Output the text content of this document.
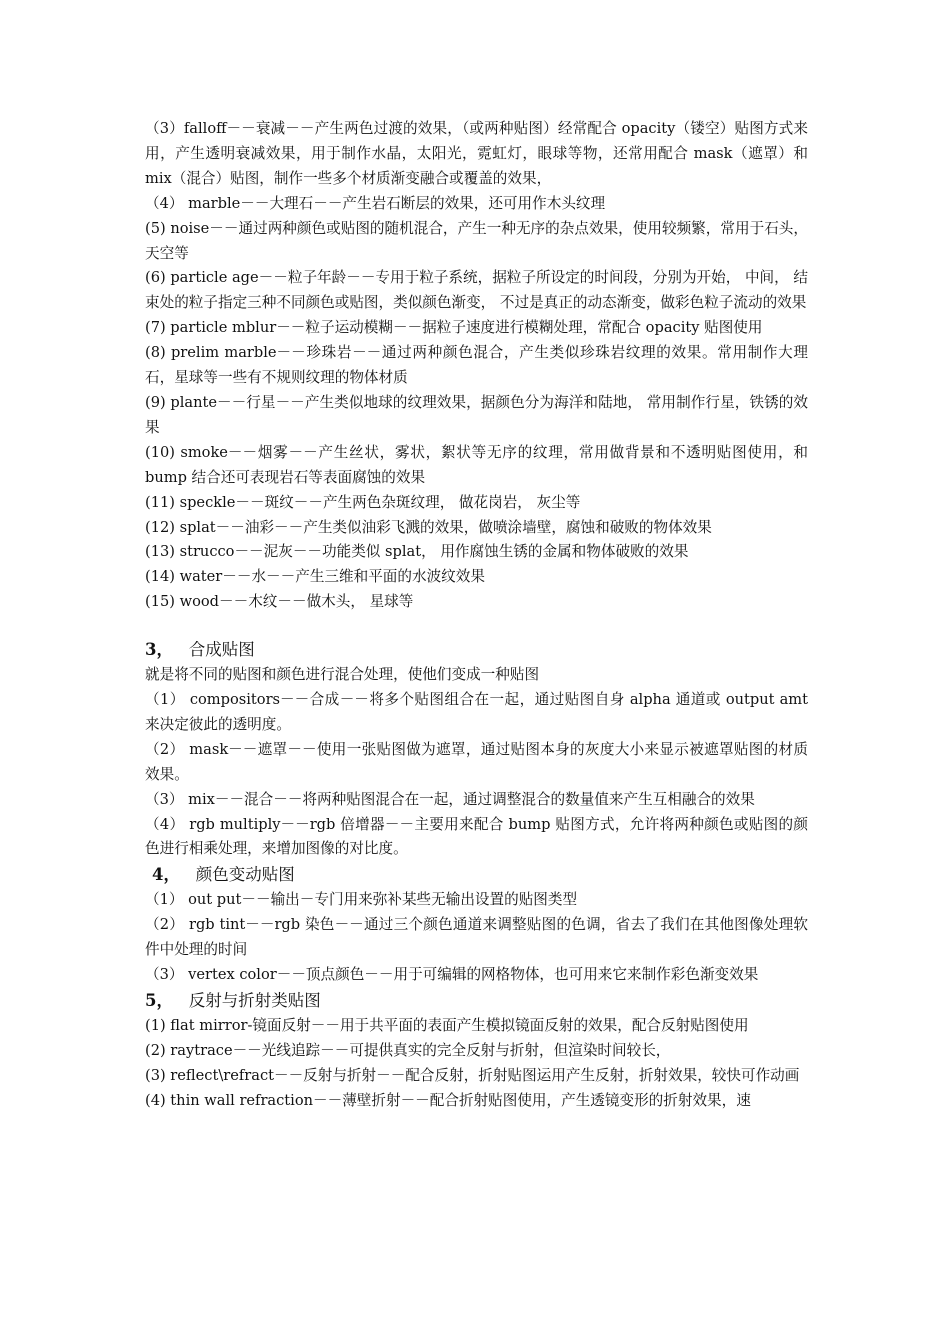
（3）falloff－－衰减－－产生两色过渡的效果，（或两种贴图）经常配合 opacity（镂空）贴图方式来用，产生透明衰减效果，用于制作水晶，太阳光，霓虹灯，眼球等物，还常用配合 mask（遮罩）和 mix（混合）贴图，制作一些多个材质渐变融合或覆盖的效果，

（4） marble－－大理石－－产生岩石断层的效果，还可用作木头纹理

(5) noise－－通过两种颜色或贴图的随机混合，产生一种无序的杂点效果，使用较频繁，常用于石头，天空等

(6) particle age－－粒子年龄－－专用于粒子系统，据粒子所设定的时间段，分别为开始， 中间， 结束处的粒子指定三种不同颜色或贴图，类似颜色渐变， 不过是真正的动态渐变，做彩色粒子流动的效果

(7) particle mblur－－粒子运动模糊－－据粒子速度进行模糊处理，常配合 opacity 贴图使用

(8) prelim marble－－珍珠岩－－通过两种颜色混合，产生类似珍珠岩纹理的效果。常用制作大理石，星球等一些有不规则纹理的物体材质

(9) plante－－行星－－产生类似地球的纹理效果，据颜色分为海洋和陆地， 常用制作行星，铁锈的效果

(10) smoke－－烟雾－－产生丝状，雾状，絮状等无序的纹理，常用做背景和不透明贴图使用，和 bump 结合还可表现岩石等表面腐蚀的效果

(11) speckle－－斑纹－－产生两色杂斑纹理， 做花岗岩， 灰尘等

(12) splat－－油彩－－产生类似油彩飞溅的效果，做喷涂墙壁，腐蚀和破败的物体效果

(13) strucco－－泥灰－－功能类似 splat， 用作腐蚀生锈的金属和物体破败的效果

(14) water－－水－－产生三维和平面的水波纹效果

(15) wood－－木纹－－做木头， 星球等

3， 合成贴图

就是将不同的贴图和颜色进行混合处理，使他们变成一种贴图

（1） compositors－－合成－－将多个贴图组合在一起，通过贴图自身 alpha 通道或 output amt 来决定彼此的透明度。

（2） mask－－遮罩－－使用一张贴图做为遮罩，通过贴图本身的灰度大小来显示被遮罩贴图的材质效果。

（3） mix－－混合－－将两种贴图混合在一起，通过调整混合的数量值来产生互相融合的效果

（4） rgb multiply－－rgb 倍增器－－主要用来配合 bump 贴图方式，允许将两种颜色或贴图的颜色进行相乘处理，来增加图像的对比度。

4， 颜色变动贴图

（1） out put－－输出－专门用来弥补某些无输出设置的贴图类型

（2） rgb tint－－rgb 染色－－通过三个颜色通道来调整贴图的色调，省去了我们在其他图像处理软件中处理的时间

（3） vertex color－－顶点颜色－－用于可编辑的网格物体，也可用来它来制作彩色渐变效果

5， 反射与折射类贴图

(1) flat mirror-镜面反射－－用于共平面的表面产生模拟镜面反射的效果，配合反射贴图使用

(2) raytrace－－光线追踪－－可提供真实的完全反射与折射，但渲染时间较长，

(3) reflect\refract－－反射与折射－－配合反射，折射贴图运用产生反射，折射效果，较快可作动画

(4) thin wall refraction－－薄壁折射－－配合折射贴图使用，产生透镜变形的折射效果，速
